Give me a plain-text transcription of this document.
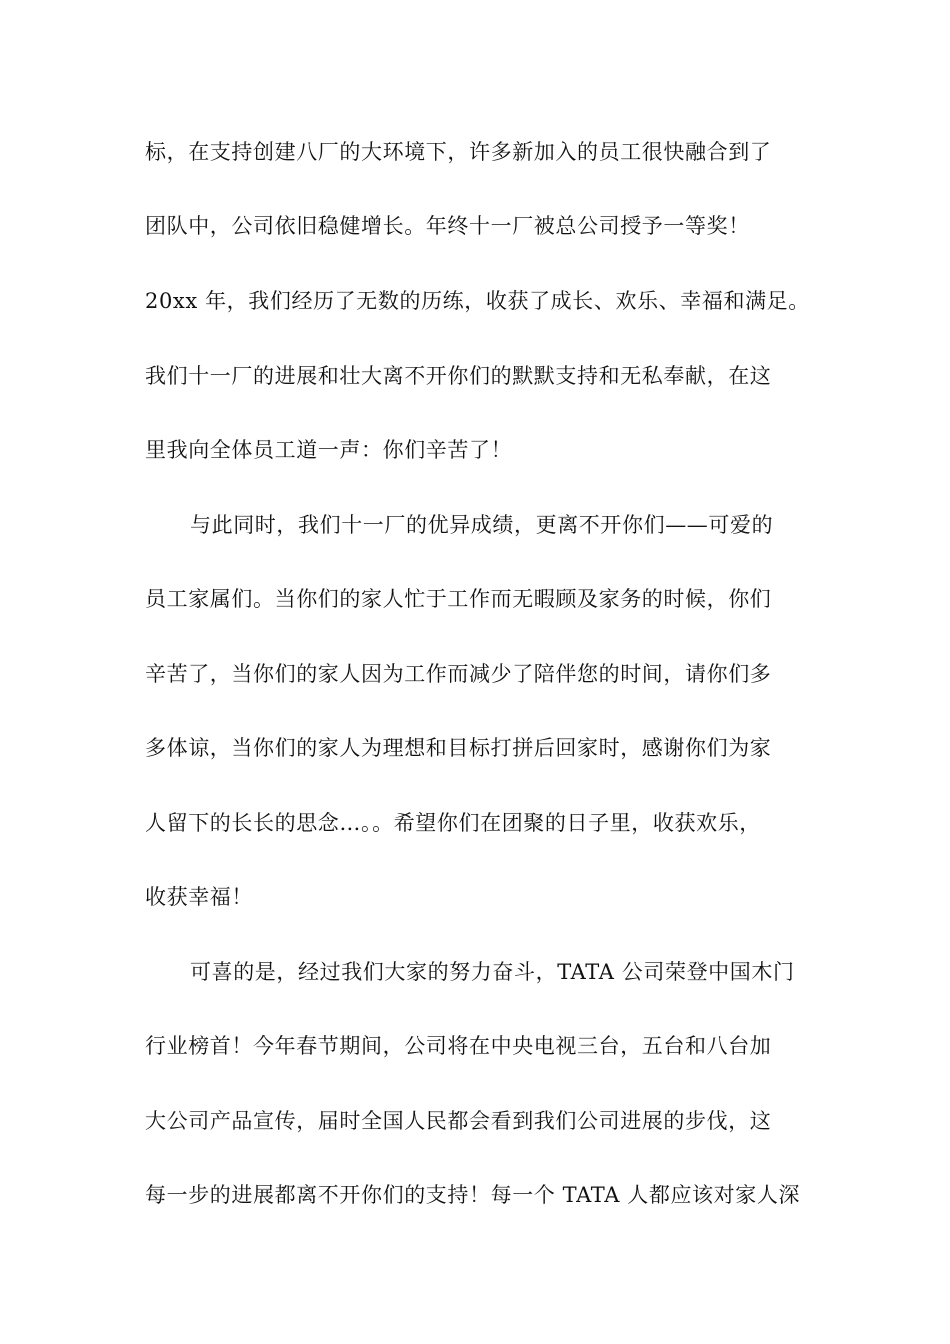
标，在支持创建八厂的大环境下，许多新加入的员工很快融合到了
团队中，公司依旧稳健增长。年终十一厂被总公司授予一等奖！
20xx 年，我们经历了无数的历练，收获了成长、欢乐、幸福和满足。
我们十一厂的进展和壮大离不开你们的默默支持和无私奉献，在这
里我向全体员工道一声：你们辛苦了！
与此同时，我们十一厂的优异成绩，更离不开你们——可爱的
员工家属们。当你们的家人忙于工作而无暇顾及家务的时候，你们
辛苦了，当你们的家人因为工作而减少了陪伴您的时间，请你们多
多体谅，当你们的家人为理想和目标打拼后回家时，感谢你们为家
人留下的长长的思念…。。希望你们在团聚的日子里，收获欢乐，
收获幸福！
可喜的是，经过我们大家的努力奋斗，TATA 公司荣登中国木门
行业榜首！今年春节期间，公司将在中央电视三台，五台和八台加
大公司产品宣传，届时全国人民都会看到我们公司进展的步伐，这
每一步的进展都离不开你们的支持！每一个 TATA 人都应该对家人深
